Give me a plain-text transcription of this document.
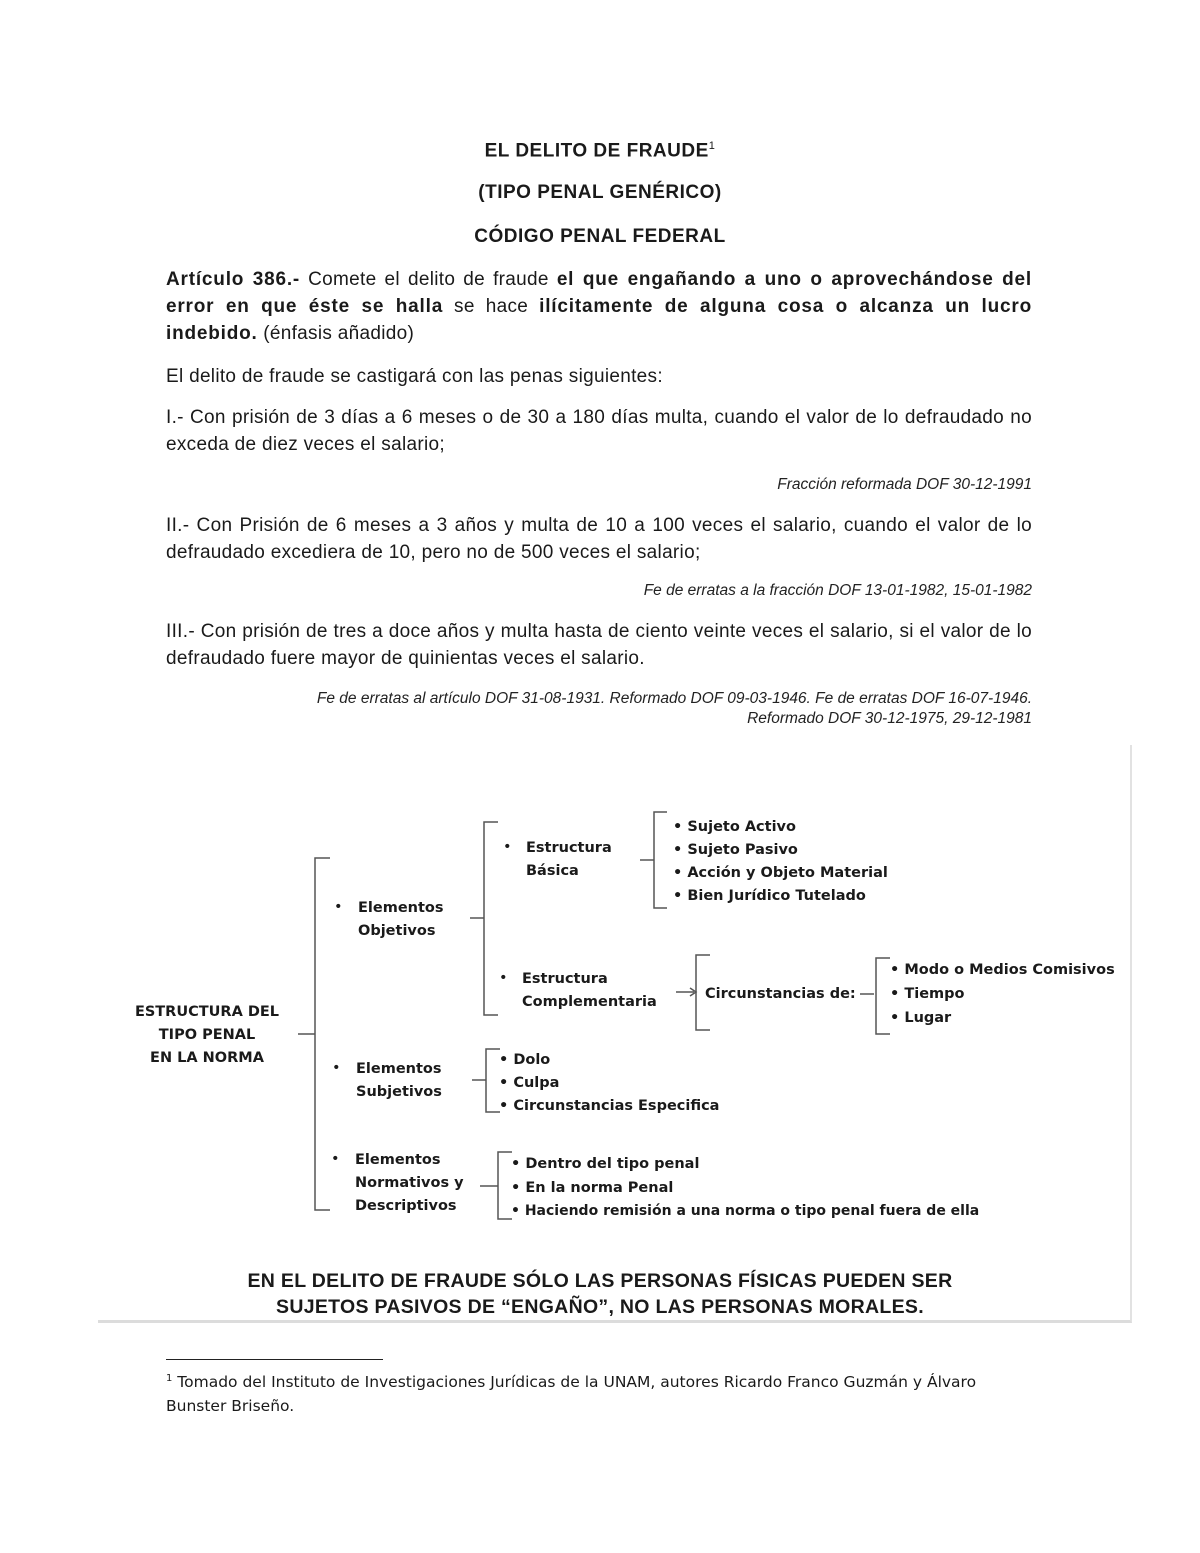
EL DELITO DE FRAUDE$^1$
(TIPO PENAL GENÉRICO)
CÓDIGO PENAL FEDERAL
Artículo 386.- Comete el delito de fraude el que engañando a uno o aprovechándose del error en que éste se halla se hace ilícitamente de alguna cosa o alcanza un lucro indebido. (énfasis añadido)
El delito de fraude se castigará con las penas siguientes:
I.- Con prisión de 3 días a 6 meses o de 30 a 180 días multa, cuando el valor de lo defraudado no exceda de diez veces el salario;
Fracción reformada DOF 30-12-1991
II.- Con Prisión de 6 meses a 3 años y multa de 10 a 100 veces el salario, cuando el valor de lo defraudado excediera de 10, pero no de 500 veces el salario;
Fe de erratas a la fracción DOF 13-01-1982, 15-01-1982
III.- Con prisión de tres a doce años y multa hasta de ciento veinte veces el salario, si el valor de lo defraudado fuere mayor de quinientas veces el salario.
Fe de erratas al artículo DOF 31-08-1931. Reformado DOF 09-03-1946. Fe de erratas DOF 16-07-1946.
Reformado DOF 30-12-1975, 29-12-1981
ESTRUCTURA DEL
TIPO PENAL
EN LA NORMA
• Elementos
Objetivos
• Estructura
Básica
• Sujeto Activo
• Sujeto Pasivo
• Acción y Objeto Material
• Bien Jurídico Tutelado
• Estructura
Complementaria	Circunstancias de:
• Modo o Medios Comisivos
• Tiempo
• Lugar
• Elementos
Subjetivos
• Dolo
• Culpa
• Circunstancias Especifica
• Elementos
Normativos y
Descriptivos
• Dentro del tipo penal
• En la norma Penal
• Haciendo remisión a una norma o tipo penal fuera de ella
EN EL DELITO DE FRAUDE SÓLO LAS PERSONAS FÍSICAS PUEDEN SER
SUJETOS PASIVOS DE “ENGAÑO”, NO LAS PERSONAS MORALES.
$^1$ Tomado del Instituto de Investigaciones Jurídicas de la UNAM, autores Ricardo Franco Guzmán y Álvaro Bunster Briseño.
